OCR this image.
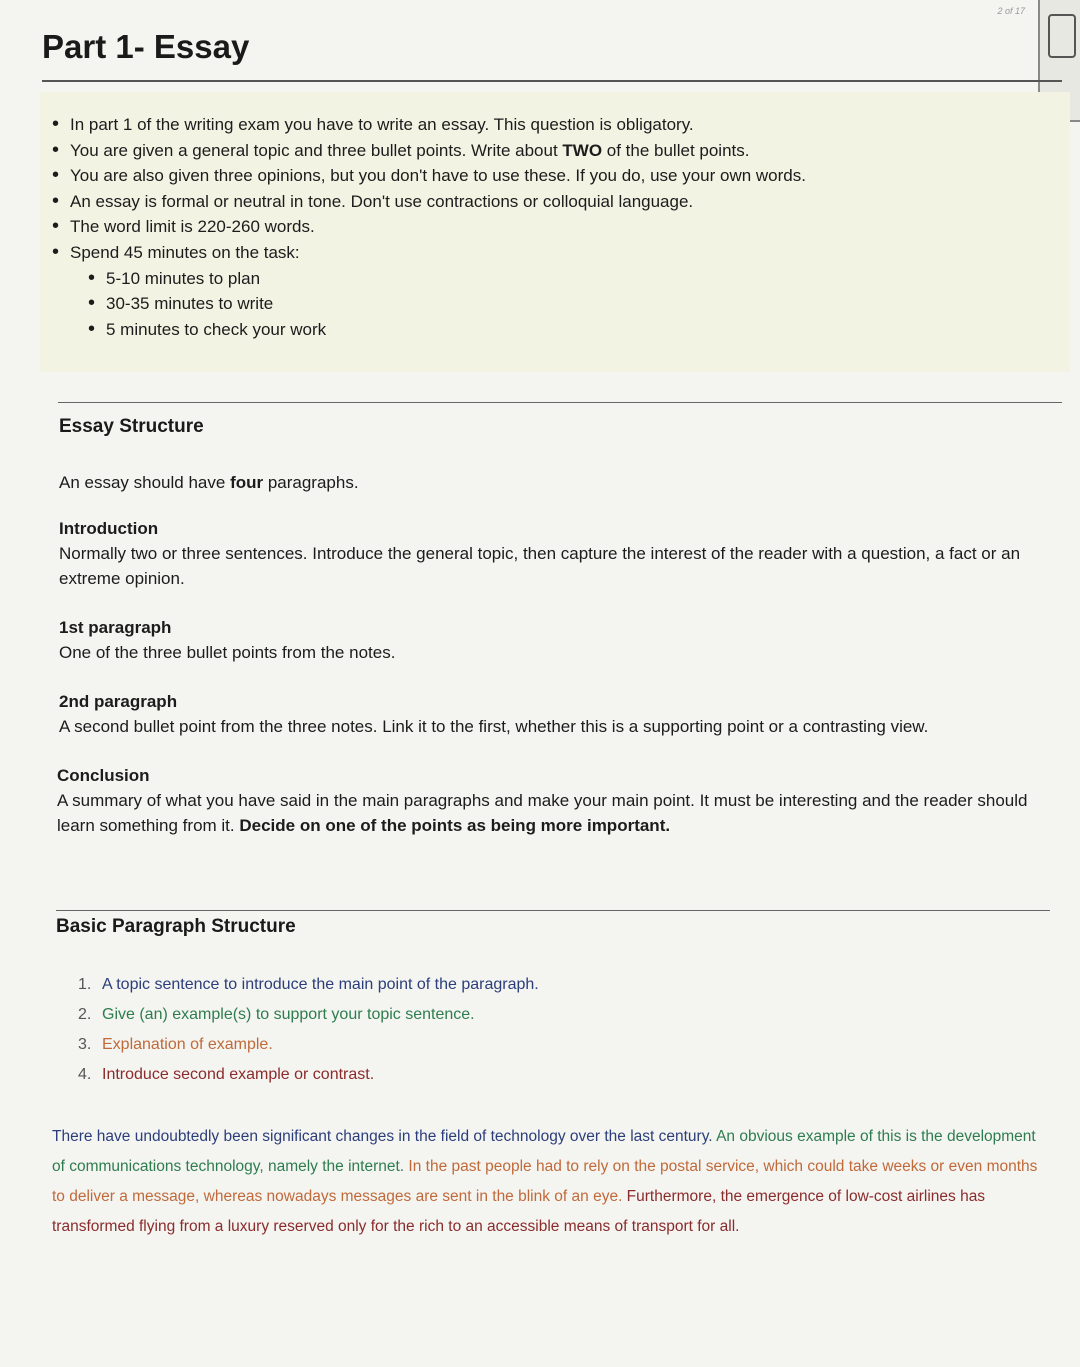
2 of 17
Part 1- Essay
• In part 1 of the writing exam you have to write an essay. This question is obligatory.
• You are given a general topic and three bullet points. Write about TWO of the bullet points.
• You are also given three opinions, but you don't have to use these. If you do, use your own words.
• An essay is formal or neutral in tone. Don't use contractions or colloquial language.
• The word limit is 220-260 words.
• Spend 45 minutes on the task:
• 5-10 minutes to plan
• 30-35 minutes to write
• 5 minutes to check your work
Essay Structure
An essay should have four paragraphs.
Introduction
Normally two or three sentences. Introduce the general topic, then capture the interest of the reader with a question, a fact or an extreme opinion.
1st paragraph
One of the three bullet points from the notes.
2nd paragraph
A second bullet point from the three notes. Link it to the first, whether this is a supporting point or a contrasting view.
Conclusion
A summary of what you have said in the main paragraphs and make your main point. It must be interesting and the reader should learn something from it. Decide on one of the points as being more important.
Basic Paragraph Structure
1. A topic sentence to introduce the main point of the paragraph.
2. Give (an) example(s) to support your topic sentence.
3. Explanation of example.
4. Introduce second example or contrast.
There have undoubtedly been significant changes in the field of technology over the last century. An obvious example of this is the development of communications technology, namely the internet. In the past people had to rely on the postal service, which could take weeks or even months to deliver a message, whereas nowadays messages are sent in the blink of an eye. Furthermore, the emergence of low-cost airlines has transformed flying from a luxury reserved only for the rich to an accessible means of transport for all.
